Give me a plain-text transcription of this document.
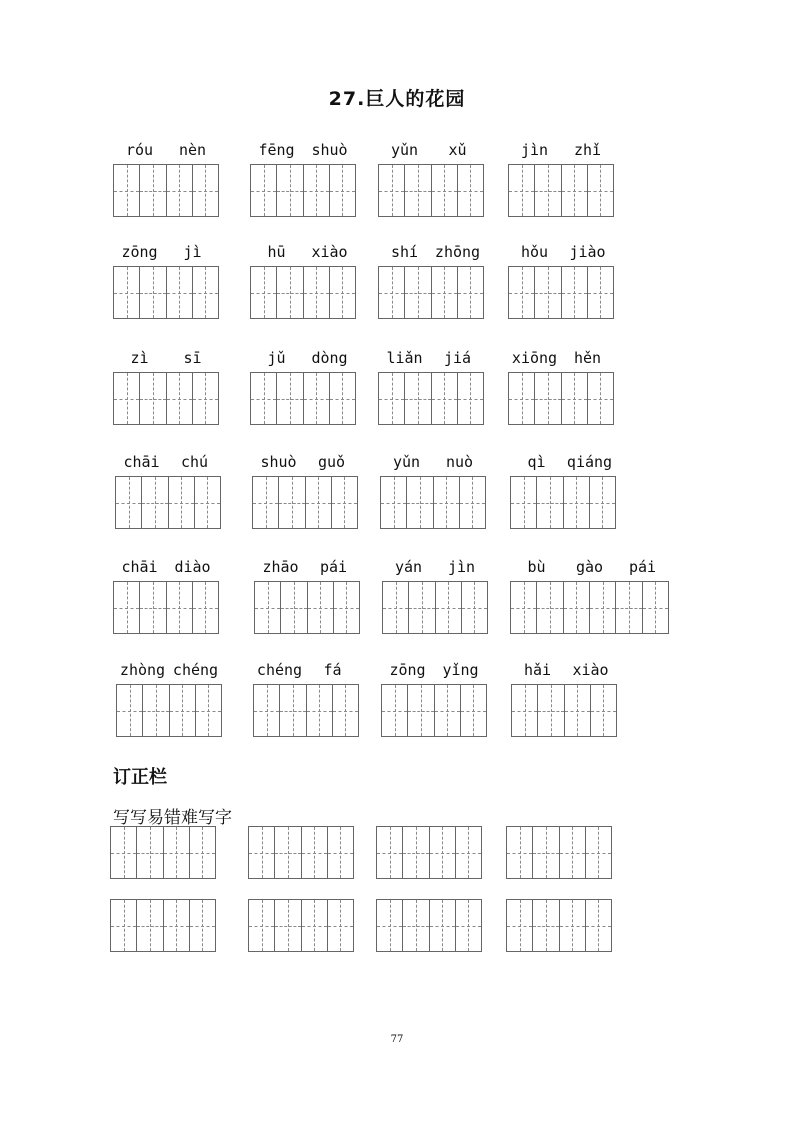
27.巨人的花园
róu	nèn	fēng	shuò	yǔn	xǔ	jìn	zhǐ
zōng	jì	hū	xiào	shí	zhōng	hǒu	jiào
zì	sī	jǔ	dòng	liǎn	jiá	xiōng	hěn
chāi	chú	shuò	guǒ	yǔn	nuò	qì	qiáng
chāi	diào	zhāo	pái	yán	jìn	bù	gào	pái
zhòng chéng	chéng	fá	zōng	yǐng	hǎi	xiào
订正栏
写写易错难写字
77
